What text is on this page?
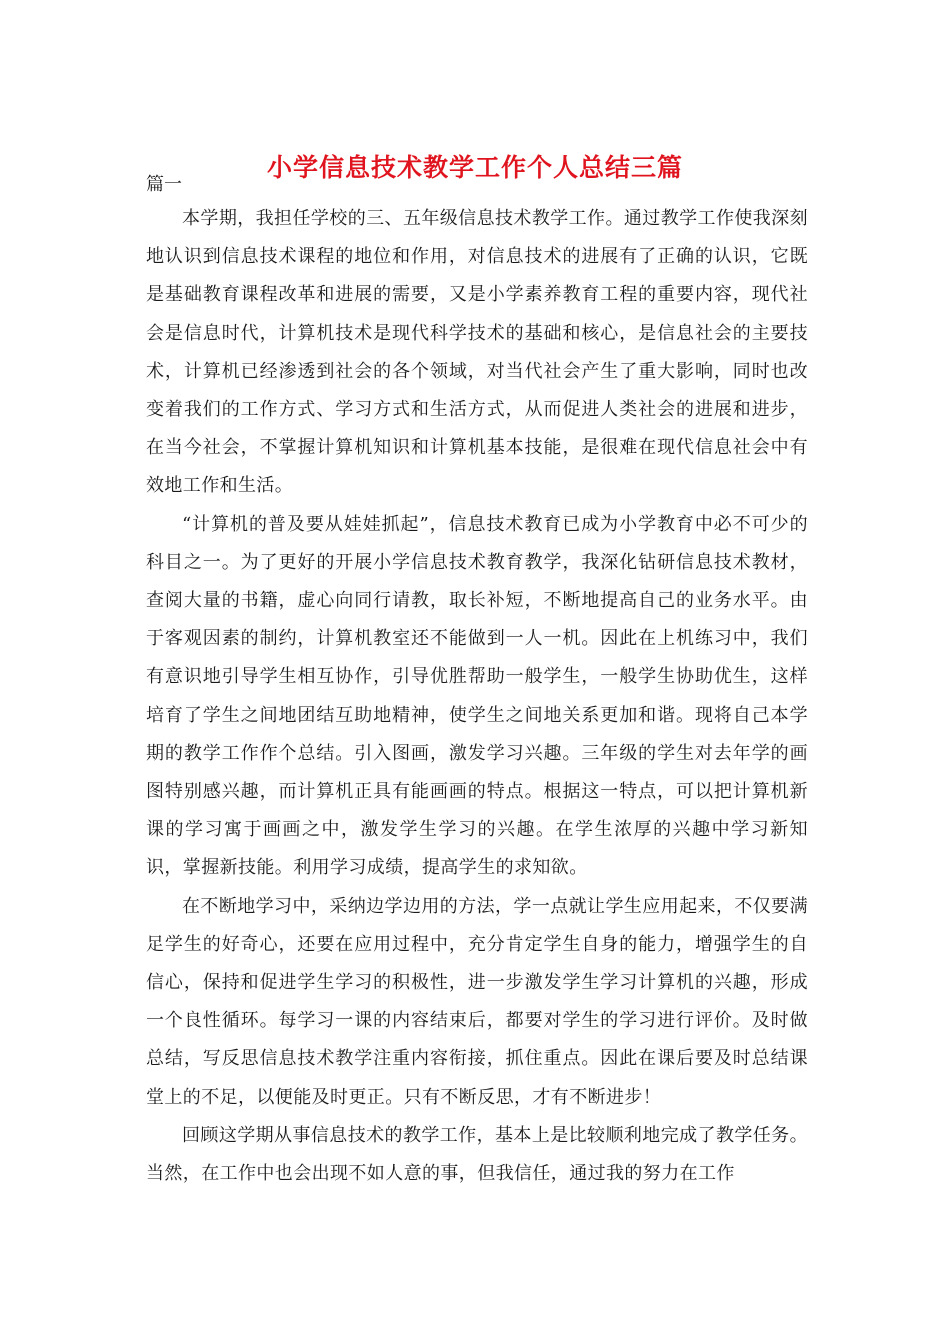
小学信息技术教学工作个人总结三篇
篇一

本学期，我担任学校的三、五年级信息技术教学工作。通过教学工作使我深刻地认识到信息技术课程的地位和作用，对信息技术的进展有了正确的认识，它既是基础教育课程改革和进展的需要，又是小学素养教育工程的重要内容，现代社会是信息时代，计算机技术是现代科学技术的基础和核心，是信息社会的主要技术，计算机已经渗透到社会的各个领域，对当代社会产生了重大影响，同时也改变着我们的工作方式、学习方式和生活方式，从而促进人类社会的进展和进步，在当今社会，不掌握计算机知识和计算机基本技能，是很难在现代信息社会中有效地工作和生活。

“计算机的普及要从娃娃抓起”，信息技术教育已成为小学教育中必不可少的科目之一。为了更好的开展小学信息技术教育教学，我深化钻研信息技术教材，查阅大量的书籍，虚心向同行请教，取长补短，不断地提高自己的业务水平。由于客观因素的制约，计算机教室还不能做到一人一机。因此在上机练习中，我们有意识地引导学生相互协作，引导优胜帮助一般学生，一般学生协助优生，这样培育了学生之间地团结互助地精神，使学生之间地关系更加和谐。现将自己本学期的教学工作作个总结。引入图画，激发学习兴趣。三年级的学生对去年学的画图特别感兴趣，而计算机正具有能画画的特点。根据这一特点，可以把计算机新课的学习寓于画画之中，激发学生学习的兴趣。在学生浓厚的兴趣中学习新知识，掌握新技能。利用学习成绩，提高学生的求知欲。

在不断地学习中，采纳边学边用的方法，学一点就让学生应用起来，不仅要满足学生的好奇心，还要在应用过程中，充分肯定学生自身的能力，增强学生的自信心，保持和促进学生学习的积极性，进一步激发学生学习计算机的兴趣，形成一个良性循环。每学习一课的内容结束后，都要对学生的学习进行评价。及时做总结，写反思信息技术教学注重内容衔接，抓住重点。因此在课后要及时总结课堂上的不足，以便能及时更正。只有不断反思，才有不断进步！

回顾这学期从事信息技术的教学工作，基本上是比较顺利地完成了教学任务。当然，在工作中也会出现不如人意的事，但我信任，通过我的努力在工作
